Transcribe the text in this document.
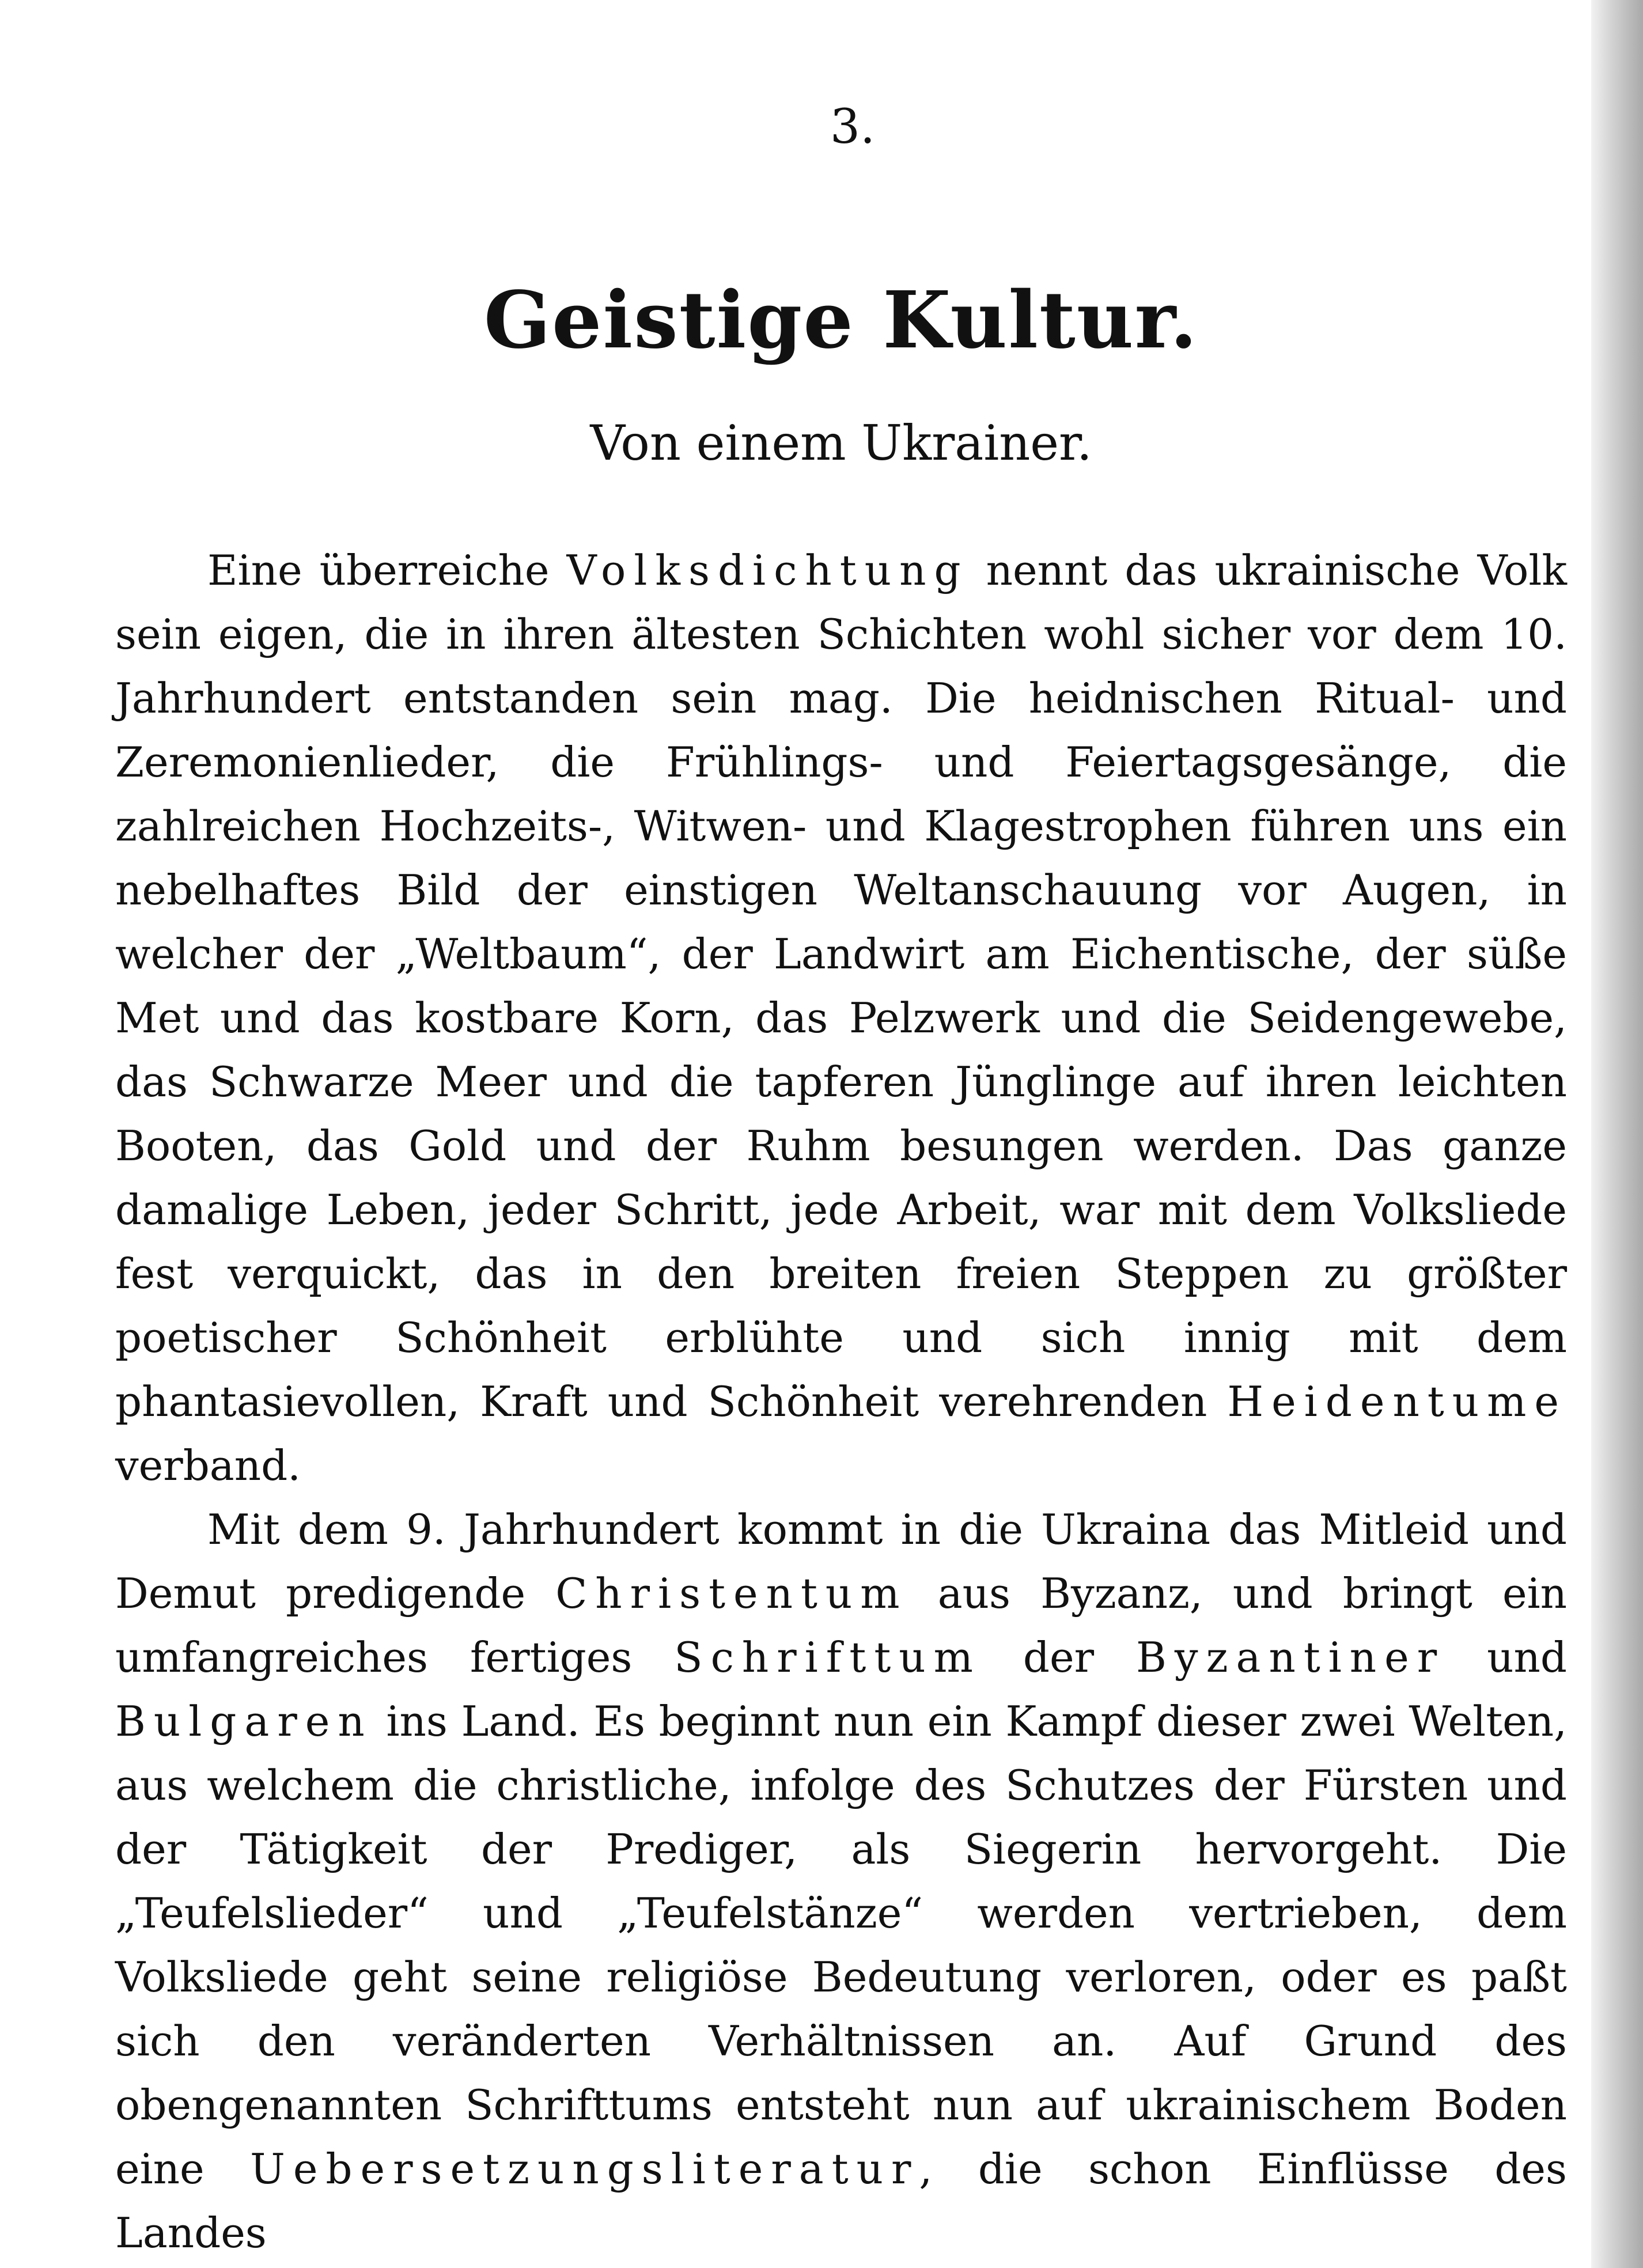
3.
Geistige Kultur.
Von einem Ukrainer.

Eine überreiche Volksdichtung nennt das ukrainische Volk sein eigen, die in ihren ältesten Schichten wohl sicher vor dem 10. Jahrhundert entstanden sein mag. Die heidnischen Ritual- und Zeremonienlieder, die Frühlings- und Feiertagsgesänge, die zahlreichen Hochzeits-, Witwen- und Klagestrophen führen uns ein nebelhaftes Bild der einstigen Weltanschauung vor Augen, in welcher der „Weltbaum“, der Landwirt am Eichentische, der süße Met und das kostbare Korn, das Pelzwerk und die Seidengewebe, das Schwarze Meer und die tapferen Jünglinge auf ihren leichten Booten, das Gold und der Ruhm besungen werden. Das ganze damalige Leben, jeder Schritt, jede Arbeit, war mit dem Volksliede fest verquickt, das in den breiten freien Steppen zu größter poetischer Schönheit erblühte und sich innig mit dem phantasievollen, Kraft und Schönheit verehrenden Heidentume verband.

Mit dem 9. Jahrhundert kommt in die Ukraina das Mitleid und Demut predigende Christentum aus Byzanz, und bringt ein umfangreiches fertiges Schrifttum der Byzantiner und Bulgaren ins Land. Es beginnt nun ein Kampf dieser zwei Welten, aus welchem die christliche, infolge des Schutzes der Fürsten und der Tätigkeit der Prediger, als Siegerin hervorgeht. Die „Teufelslieder“ und „Teufelstänze“ werden vertrieben, dem Volksliede geht seine religiöse Bedeutung verloren, oder es paßt sich den veränderten Verhältnissen an. Auf Grund des obengenannten Schrifttums entsteht nun auf ukrainischem Boden eine Uebersetzungsliteratur, die schon Einflüsse des Landes
